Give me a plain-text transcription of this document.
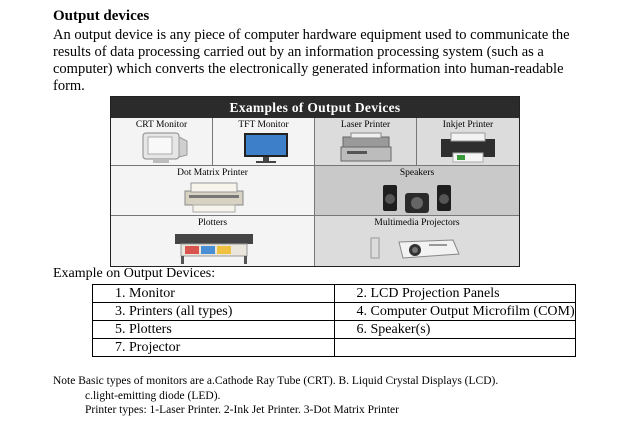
Output devices
An output device is any piece of computer hardware equipment used to communicate the results of data processing carried out by an information processing system (such as a computer) which converts the electronically generated information into human-readable form.
Examples of Output Devices
CRT Monitor	TFT Monitor	Laser Printer	Inkjet Printer
Dot Matrix Printer	Speakers
Plotters	Multimedia Projectors
Example on Output Devices:
1. Monitor	2. LCD Projection Panels
3. Printers (all types)	4. Computer Output Microfilm (COM)
5. Plotters	6. Speaker(s)
7. Projector	
Note Basic types of monitors are a.Cathode Ray Tube (CRT). B. Liquid Crystal Displays (LCD).
c.light-emitting diode (LED).
Printer types: 1-Laser Printer. 2-Ink Jet Printer. 3-Dot Matrix Printer
